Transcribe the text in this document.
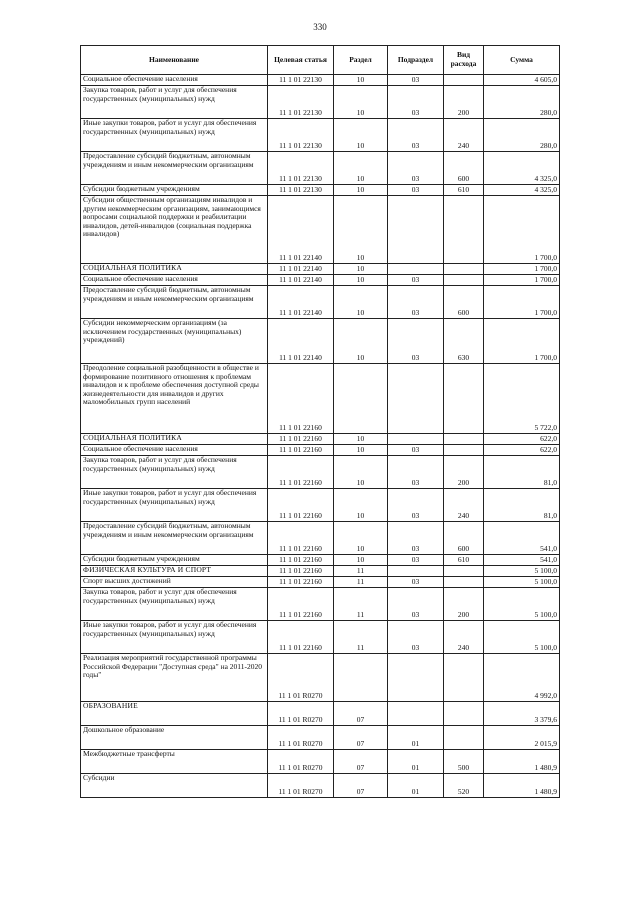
330
Наименование	Целевая статья	Раздел	Подраздел	Вид расхода	Сумма
Социальное обеспечение населения	11 1 01 22130	10	03		4 605,0
Закупка товаров, работ и услуг для обеспечения государственных (муниципальных) нужд	11 1 01 22130	10	03	200	280,0
Иные закупки товаров, работ и услуг для обеспечения государственных (муниципальных) нужд	11 1 01 22130	10	03	240	280,0
Предоставление субсидий бюджетным, автономным учреждениям и иным некоммерческим организациям	11 1 01 22130	10	03	600	4 325,0
Субсидии бюджетным учреждениям	11 1 01 22130	10	03	610	4 325,0
Субсидии общественным организациям инвалидов и другим некоммерческим организациям, занимающимся вопросами социальной поддержки и реабилитации инвалидов, детей-инвалидов (социальная поддержка инвалидов)	11 1 01 22140	10			1 700,0
СОЦИАЛЬНАЯ ПОЛИТИКА	11 1 01 22140	10			1 700,0
Социальное обеспечение населения	11 1 01 22140	10	03		1 700,0
Предоставление субсидий бюджетным, автономным учреждениям и иным некоммерческим организациям	11 1 01 22140	10	03	600	1 700,0
Субсидии некоммерческим организациям (за исключением государственных (муниципальных) учреждений)	11 1 01 22140	10	03	630	1 700,0
Преодоление социальной разобщенности в обществе и формирование позитивного отношения к проблемам инвалидов и к проблеме обеспечения доступной среды жизнедеятельности для инвалидов и других маломобильных групп населений	11 1 01 22160				5 722,0
СОЦИАЛЬНАЯ ПОЛИТИКА	11 1 01 22160	10			622,0
Социальное обеспечение населения	11 1 01 22160	10	03		622,0
Закупка товаров, работ и услуг для обеспечения государственных (муниципальных) нужд	11 1 01 22160	10	03	200	81,0
Иные закупки товаров, работ и услуг для обеспечения государственных (муниципальных) нужд	11 1 01 22160	10	03	240	81,0
Предоставление субсидий бюджетным, автономным учреждениям и иным некоммерческим организациям	11 1 01 22160	10	03	600	541,0
Субсидии бюджетным учреждениям	11 1 01 22160	10	03	610	541,0
ФИЗИЧЕСКАЯ КУЛЬТУРА И СПОРТ	11 1 01 22160	11			5 100,0
Спорт высших достижений	11 1 01 22160	11	03		5 100,0
Закупка товаров, работ и услуг для обеспечения государственных (муниципальных) нужд	11 1 01 22160	11	03	200	5 100,0
Иные закупки товаров, работ и услуг для обеспечения государственных (муниципальных) нужд	11 1 01 22160	11	03	240	5 100,0
Реализация мероприятий государственной программы Российской Федерации "Доступная среда" на 2011-2020 годы"	11 1 01 R0270				4 992,0
ОБРАЗОВАНИЕ	11 1 01 R0270	07			3 379,6
Дошкольное образование	11 1 01 R0270	07	01		2 015,9
Межбюджетные трансферты	11 1 01 R0270	07	01	500	1 480,9
Субсидии	11 1 01 R0270	07	01	520	1 480,9
